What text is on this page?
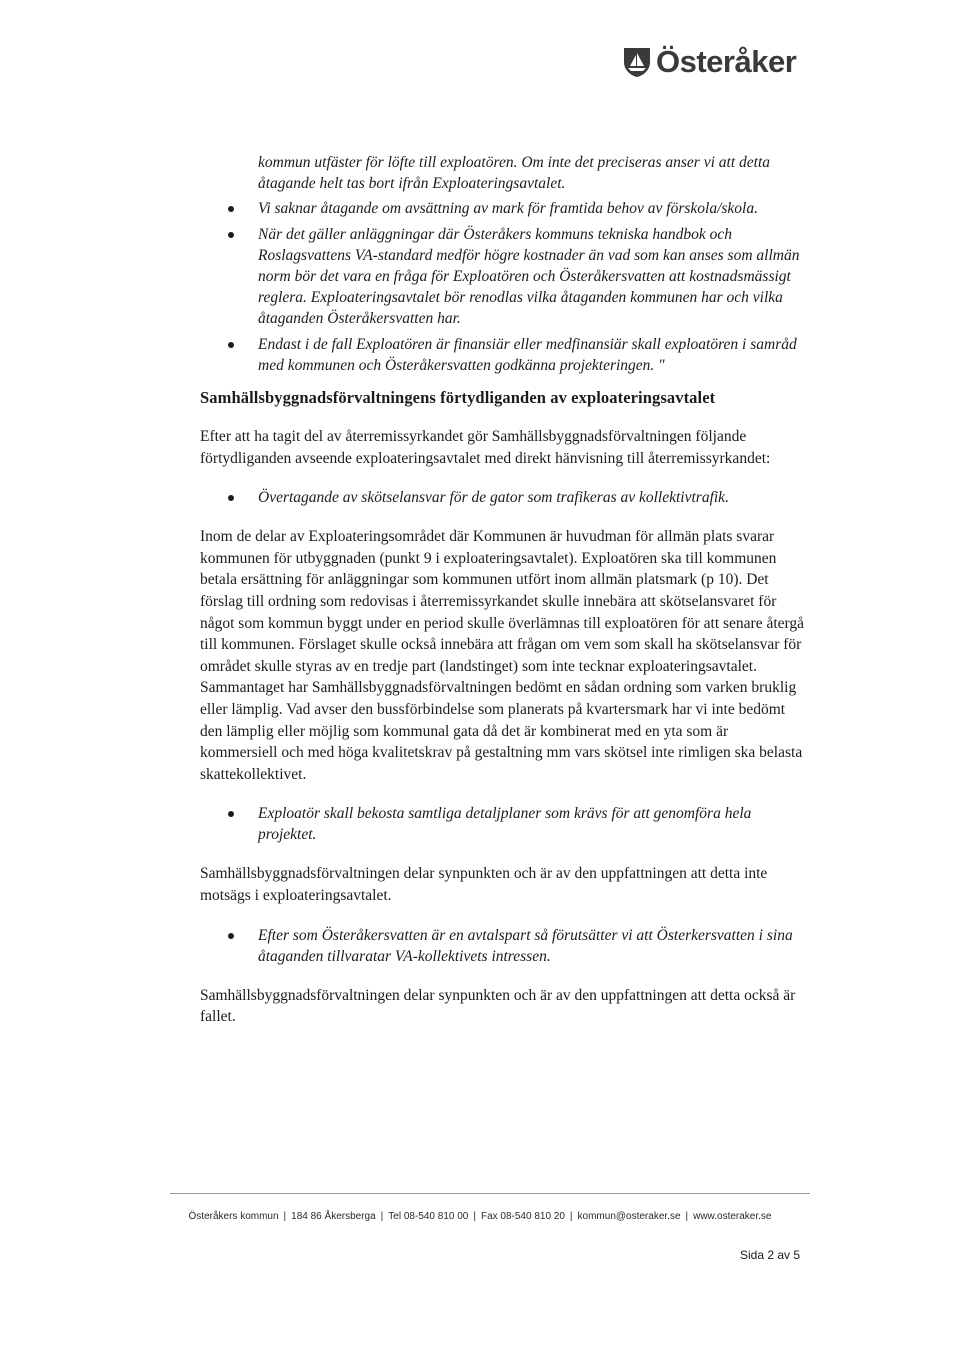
Österåker
kommun utfäster för löfte till exploatören. Om inte det preciseras anser vi att detta åtagande helt tas bort ifrån Exploateringsavtalet.
Vi saknar åtagande om avsättning av mark för framtida behov av förskola/skola.
När det gäller anläggningar där Österåkers kommuns tekniska handbok och Roslagsvattens VA-standard medför högre kostnader än vad som kan anses som allmän norm bör det vara en fråga för Exploatören och Österåkersvatten att kostnadsmässigt reglera. Exploateringsavtalet bör renodlas vilka åtaganden kommunen har och vilka åtaganden Österåkersvatten har.
Endast i de fall Exploatören är finansiär eller medfinansiär skall exploatören i samråd med kommunen och Österåkersvatten godkänna projekteringen. "
Samhällsbyggnadsförvaltningens förtydliganden av exploateringsavtalet

Efter att ha tagit del av återremissyrkandet gör Samhällsbyggnadsförvaltningen följande förtydliganden avseende exploateringsavtalet med direkt hänvisning till återremissyrkandet:

Övertagande av skötselansvar för de gator som trafikeras av kollektivtrafik.

Inom de delar av Exploateringsområdet där Kommunen är huvudman för allmän plats svarar kommunen för utbyggnaden (punkt 9 i exploateringsavtalet). Exploatören ska till kommunen betala ersättning för anläggningar som kommunen utfört inom allmän platsmark (p 10). Det förslag till ordning som redovisas i återremissyrkandet skulle innebära att skötselansvaret för något som kommun byggt under en period skulle överlämnas till exploatören för att senare återgå till kommunen. Förslaget skulle också innebära att frågan om vem som skall ha skötselansvar för området skulle styras av en tredje part (landstinget) som inte tecknar exploateringsavtalet. Sammantaget har Samhällsbyggnadsförvaltningen bedömt en sådan ordning som varken bruklig eller lämplig. Vad avser den bussförbindelse som planerats på kvartersmark har vi inte bedömt den lämplig eller möjlig som kommunal gata då det är kombinerat med en yta som är kommersiell och med höga kvalitetskrav på gestaltning mm vars skötsel inte rimligen ska belasta skattekollektivet.

Exploatör skall bekosta samtliga detaljplaner som krävs för att genomföra hela projektet.

Samhällsbyggnadsförvaltningen delar synpunkten och är av den uppfattningen att detta inte motsägs i exploateringsavtalet.

Efter som Österåkersvatten är en avtalspart så förutsätter vi att Österkersvatten i sina åtaganden tillvaratar VA-kollektivets intressen.

Samhällsbyggnadsförvaltningen delar synpunkten och är av den uppfattningen att detta också är fallet.

Österåkers kommun | 184 86 Åkersberga | Tel 08-540 810 00 | Fax 08-540 810 20 | kommun@osteraker.se | www.osteraker.se
Sida 2 av 5
